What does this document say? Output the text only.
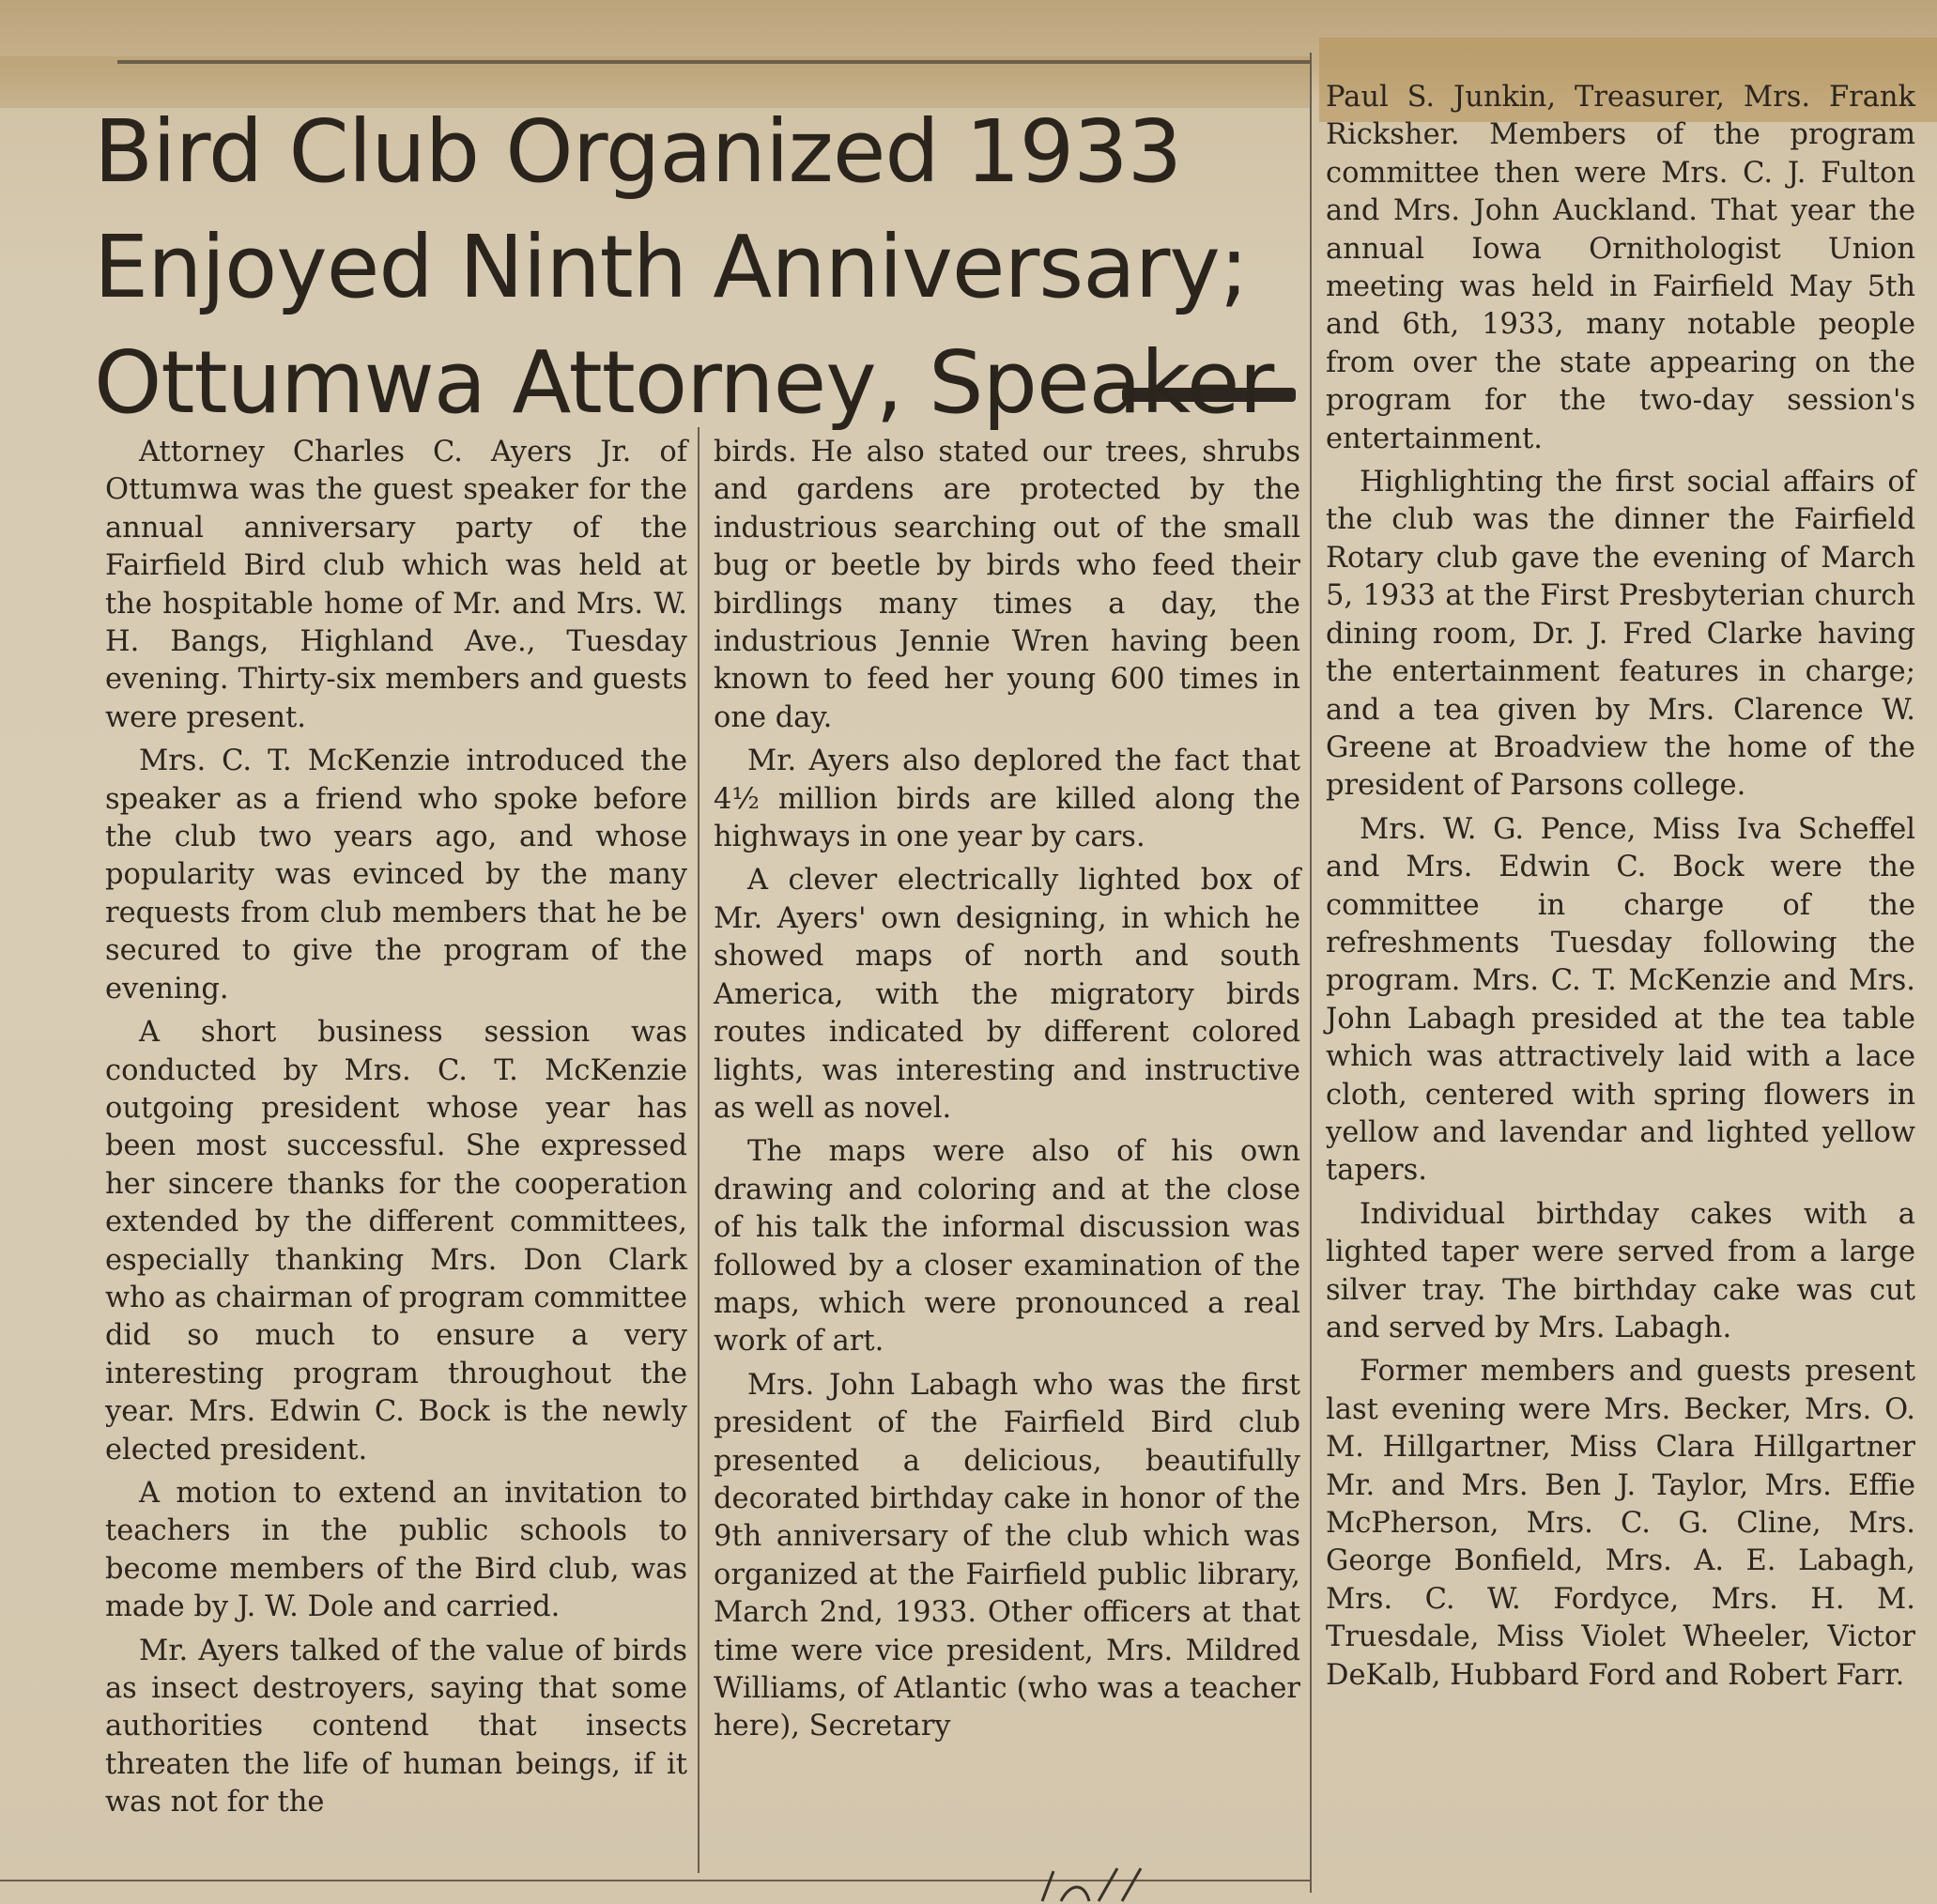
Bird Club Organized 1933
Enjoyed Ninth Anniversary;
Ottumwa Attorney, Speaker

Attorney Charles C. Ayers Jr. of Ottumwa was the guest speaker for the annual anniversary party of the Fairfield Bird club which was held at the hospitable home of Mr. and Mrs. W. H. Bangs, Highland Ave., Tuesday evening. Thirty-six members and guests were present.

Mrs. C. T. McKenzie introduced the speaker as a friend who spoke before the club two years ago, and whose popularity was evinced by the many requests from club members that he be secured to give the program of the evening.

A short business session was conducted by Mrs. C. T. McKenzie outgoing president whose year has been most successful. She expressed her sincere thanks for the cooperation extended by the different committees, especially thanking Mrs. Don Clark who as chairman of program committee did so much to ensure a very interesting program throughout the year. Mrs. Edwin C. Bock is the newly elected president.

A motion to extend an invitation to teachers in the public schools to become members of the Bird club, was made by J. W. Dole and carried.

Mr. Ayers talked of the value of birds as insect destroyers, saying that some authorities contend that insects threaten the life of human beings, if it was not for the

birds. He also stated our trees, shrubs and gardens are protected by the industrious searching out of the small bug or beetle by birds who feed their birdlings many times a day, the industrious Jennie Wren having been known to feed her young 600 times in one day.

Mr. Ayers also deplored the fact that 4½ million birds are killed along the highways in one year by cars.

A clever electrically lighted box of Mr. Ayers' own designing, in which he showed maps of north and south America, with the migratory birds routes indicated by different colored lights, was interesting and instructive as well as novel.

The maps were also of his own drawing and coloring and at the close of his talk the informal discussion was followed by a closer examination of the maps, which were pronounced a real work of art.

Mrs. John Labagh who was the first president of the Fairfield Bird club presented a delicious, beautifully decorated birthday cake in honor of the 9th anniversary of the club which was organized at the Fairfield public library, March 2nd, 1933. Other officers at that time were vice president, Mrs. Mildred Williams, of Atlantic (who was a teacher here), Secretary

Paul S. Junkin, Treasurer, Mrs. Frank Ricksher. Members of the program committee then were Mrs. C. J. Fulton and Mrs. John Auckland. That year the annual Iowa Ornithologist Union meeting was held in Fairfield May 5th and 6th, 1933, many notable people from over the state appearing on the program for the two-day session's entertainment.

Highlighting the first social affairs of the club was the dinner the Fairfield Rotary club gave the evening of March 5, 1933 at the First Presbyterian church dining room, Dr. J. Fred Clarke having the entertainment features in charge; and a tea given by Mrs. Clarence W. Greene at Broadview the home of the president of Parsons college.

Mrs. W. G. Pence, Miss Iva Scheffel and Mrs. Edwin C. Bock were the committee in charge of the refreshments Tuesday following the program. Mrs. C. T. McKenzie and Mrs. John Labagh presided at the tea table which was attractively laid with a lace cloth, centered with spring flowers in yellow and lavendar and lighted yellow tapers.

Individual birthday cakes with a lighted taper were served from a large silver tray. The birthday cake was cut and served by Mrs. Labagh.

Former members and guests present last evening were Mrs. Becker, Mrs. O. M. Hillgartner, Miss Clara Hillgartner Mr. and Mrs. Ben J. Taylor, Mrs. Effie McPherson, Mrs. C. G. Cline, Mrs. George Bonfield, Mrs. A. E. Labagh, Mrs. C. W. Fordyce, Mrs. H. M. Truesdale, Miss Violet Wheeler, Victor DeKalb, Hubbard Ford and Robert Farr.
